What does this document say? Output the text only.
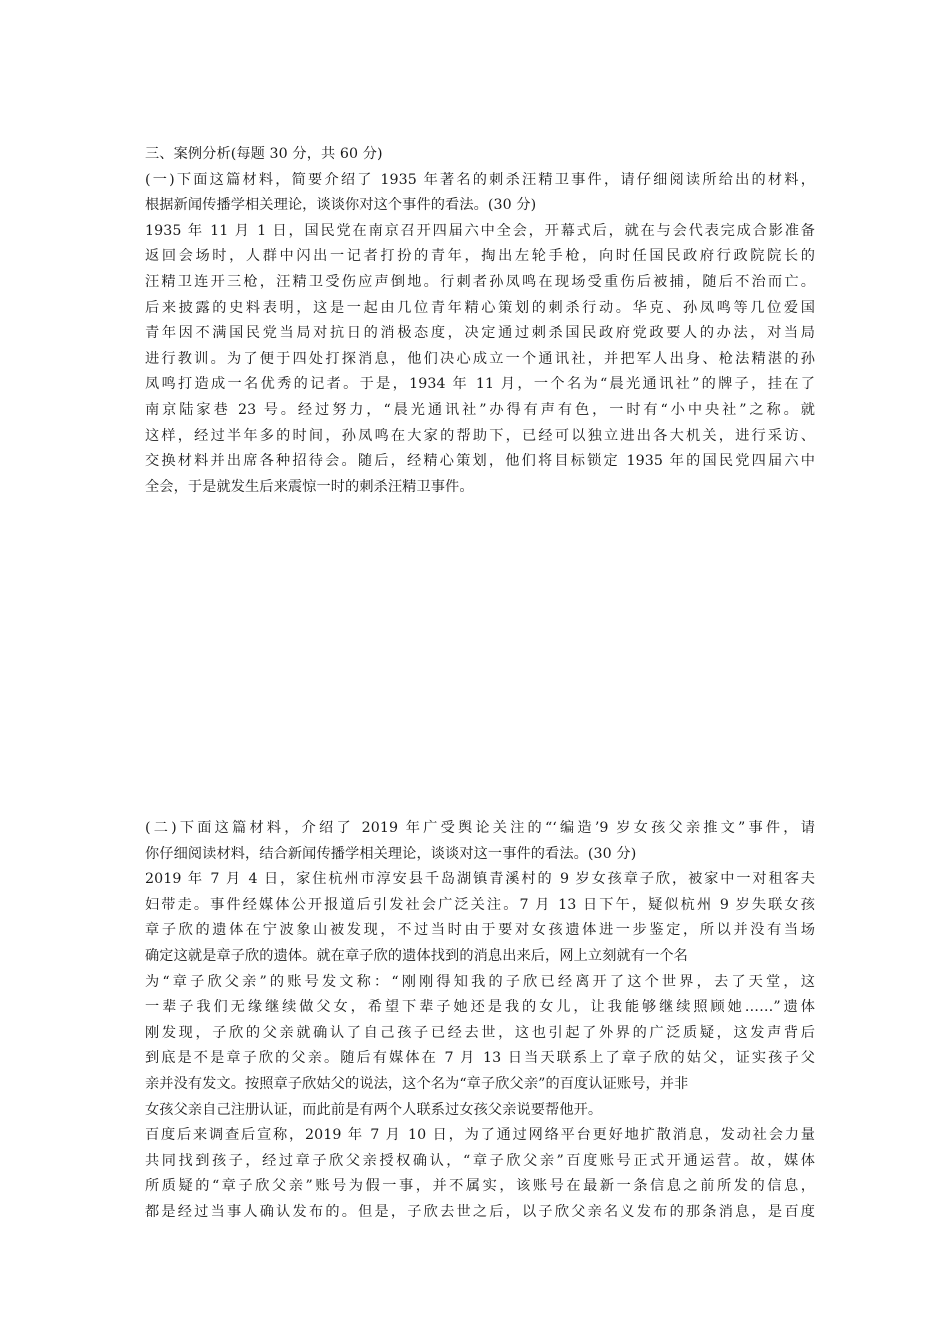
三、案例分析(每题 30 分，共 60 分)
(一)下面这篇材料，简要介绍了 1935 年著名的刺杀汪精卫事件，请仔细阅读所给出的材料，
根据新闻传播学相关理论，谈谈你对这个事件的看法。(30 分)
1935 年 11 月 1 日，国民党在南京召开四届六中全会，开幕式后，就在与会代表完成合影准备
返回会场时，人群中闪出一记者打扮的青年，掏出左轮手枪，向时任国民政府行政院院长的
汪精卫连开三枪，汪精卫受伤应声倒地。行刺者孙凤鸣在现场受重伤后被捕，随后不治而亡。
后来披露的史料表明，这是一起由几位青年精心策划的刺杀行动。华克、孙凤鸣等几位爱国
青年因不满国民党当局对抗日的消极态度，决定通过刺杀国民政府党政要人的办法，对当局
进行教训。为了便于四处打探消息，他们决心成立一个通讯社，并把军人出身、枪法精湛的孙
凤鸣打造成一名优秀的记者。于是，1934 年 11 月，一个名为“晨光通讯社”的牌子，挂在了
南京陆家巷 23 号。经过努力，“晨光通讯社”办得有声有色，一时有“小中央社”之称。就
这样，经过半年多的时间，孙凤鸣在大家的帮助下，已经可以独立进出各大机关，进行采访、
交换材料并出席各种招待会。随后，经精心策划，他们将目标锁定 1935 年的国民党四届六中
全会，于是就发生后来震惊一时的刺杀汪精卫事件。
(二)下面这篇材料，介绍了 2019 年广受舆论关注的“‘编造’9 岁女孩父亲推文”事件，请
你仔细阅读材料，结合新闻传播学相关理论，谈谈对这一事件的看法。(30 分)
2019 年 7 月 4 日，家住杭州市淳安县千岛湖镇青溪村的 9 岁女孩章子欣，被家中一对租客夫
妇带走。事件经媒体公开报道后引发社会广泛关注。7 月 13 日下午，疑似杭州 9 岁失联女孩
章子欣的遗体在宁波象山被发现，不过当时由于要对女孩遗体进一步鉴定，所以并没有当场
确定这就是章子欣的遗体。就在章子欣的遗体找到的消息出来后，网上立刻就有一个名
为“章子欣父亲”的账号发文称：“刚刚得知我的子欣已经离开了这个世界，去了天堂，这
一辈子我们无缘继续做父女，希望下辈子她还是我的女儿，让我能够继续照顾她……”遗体
刚发现，子欣的父亲就确认了自己孩子已经去世，这也引起了外界的广泛质疑，这发声背后
到底是不是章子欣的父亲。随后有媒体在 7 月 13 日当天联系上了章子欣的姑父，证实孩子父
亲并没有发文。按照章子欣姑父的说法，这个名为“章子欣父亲”的百度认证账号，并非
女孩父亲自己注册认证，而此前是有两个人联系过女孩父亲说要帮他开。
百度后来调查后宣称，2019 年 7 月 10 日，为了通过网络平台更好地扩散消息，发动社会力量
共同找到孩子，经过章子欣父亲授权确认，“章子欣父亲”百度账号正式开通运营。故，媒体
所质疑的“章子欣父亲”账号为假一事，并不属实，该账号在最新一条信息之前所发的信息，
都是经过当事人确认发布的。但是，子欣去世之后，以子欣父亲名义发布的那条消息，是百度
